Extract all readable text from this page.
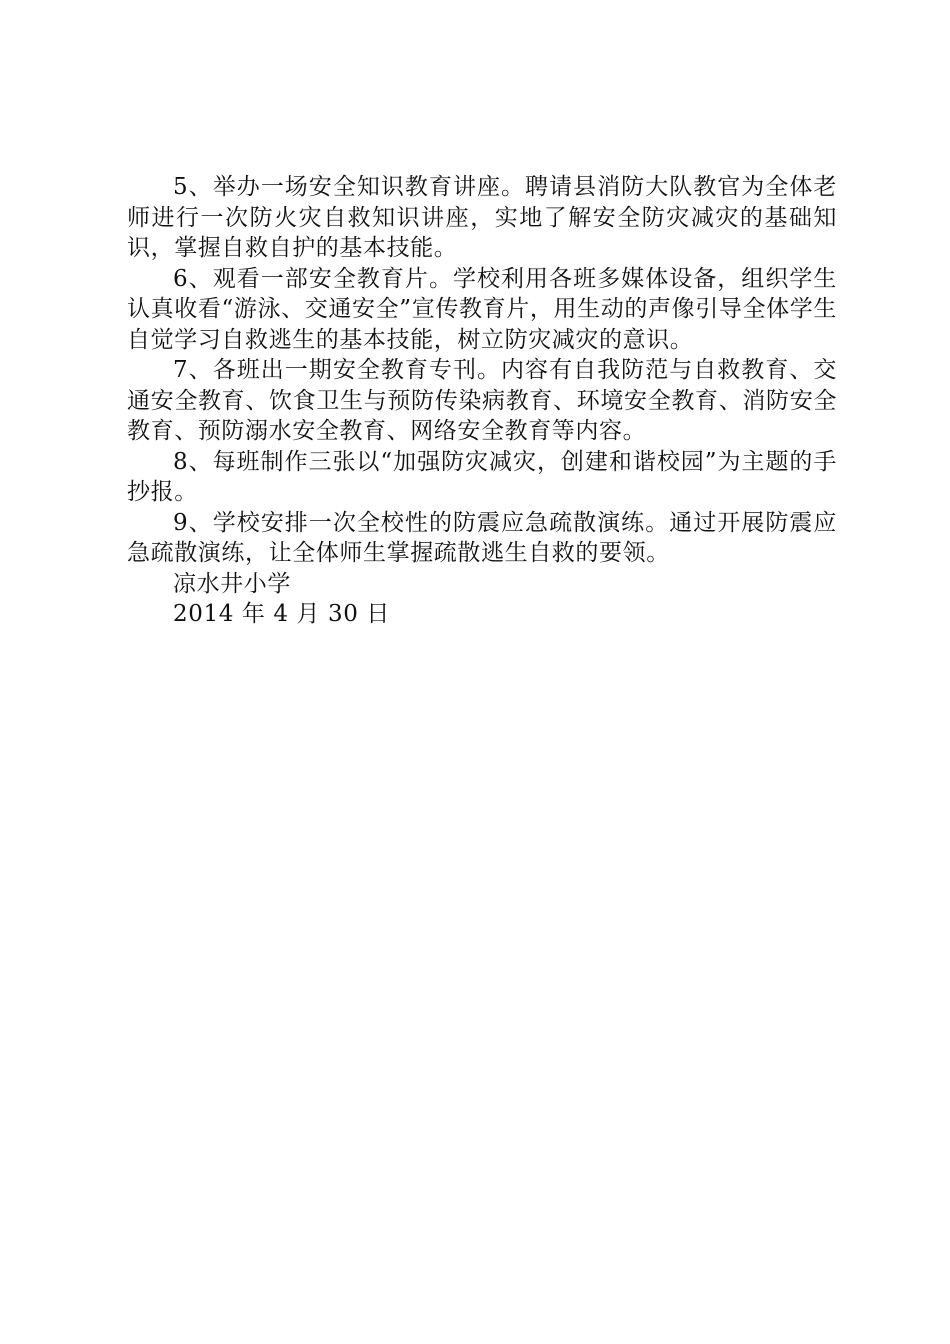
5、举办一场安全知识教育讲座。聘请县消防大队教官为全体老师进行一次防火灾自救知识讲座，实地了解安全防灾减灾的基础知识，掌握自救自护的基本技能。

6、观看一部安全教育片。学校利用各班多媒体设备，组织学生认真收看“游泳、交通安全”宣传教育片，用生动的声像引导全体学生自觉学习自救逃生的基本技能，树立防灾减灾的意识。

7、各班出一期安全教育专刊。内容有自我防范与自救教育、交通安全教育、饮食卫生与预防传染病教育、环境安全教育、消防安全教育、预防溺水安全教育、网络安全教育等内容。

8、每班制作三张以“加强防灾减灾，创建和谐校园”为主题的手抄报。

9、学校安排一次全校性的防震应急疏散演练。通过开展防震应急疏散演练，让全体师生掌握疏散逃生自救的要领。

凉水井小学

2014 年 4 月 30 日
